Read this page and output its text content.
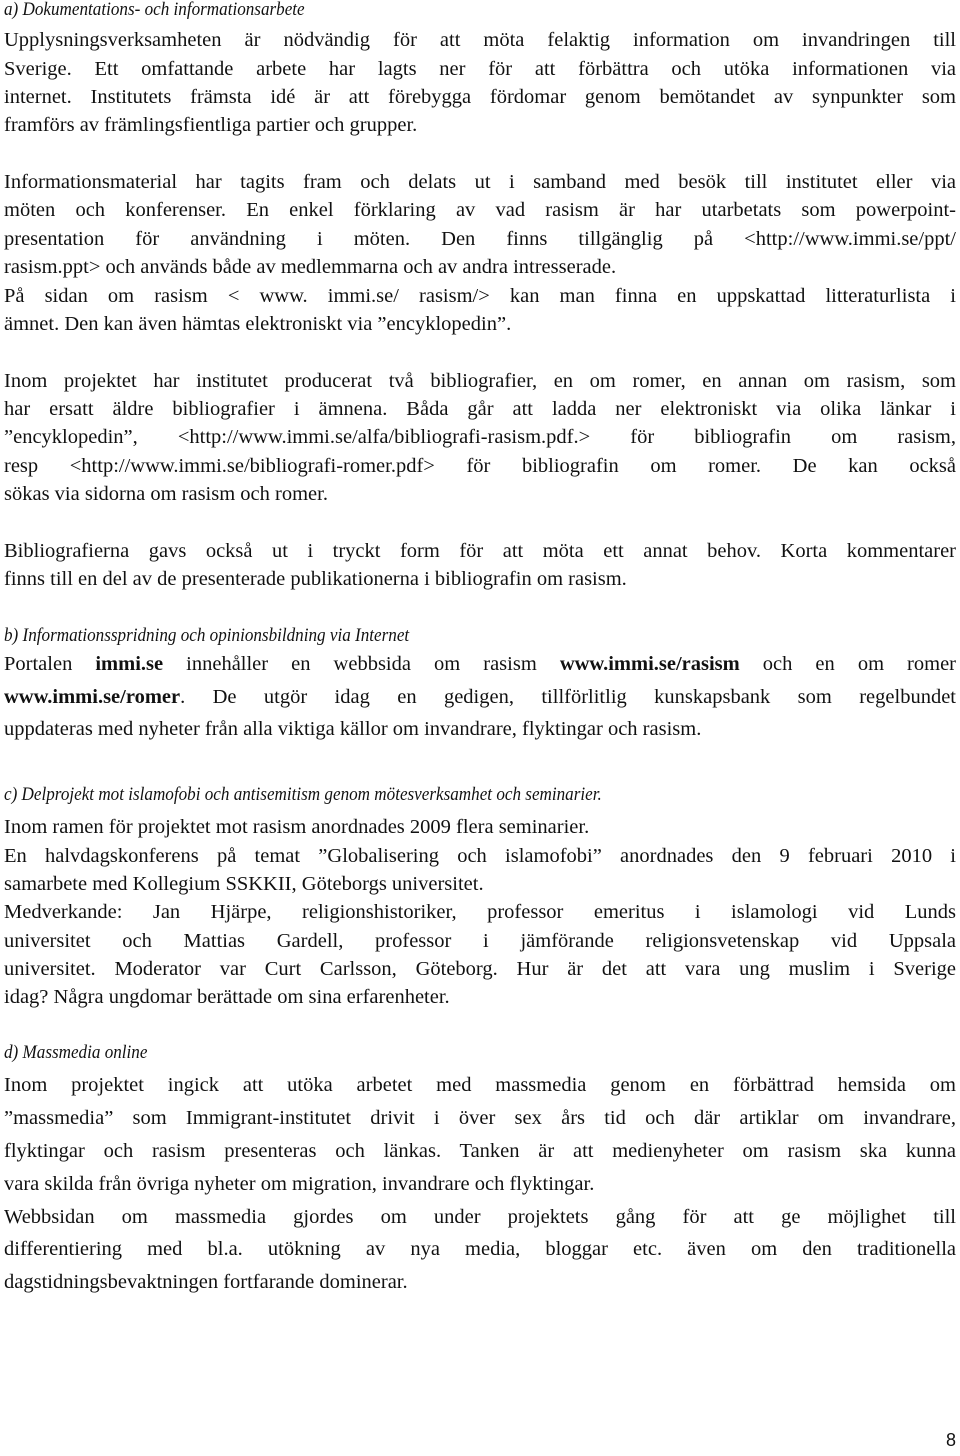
a) Dokumentations- och informationsarbete
Upplysningsverksamheten är nödvändig för att möta felaktig information om invandringen till
Sverige. Ett omfattande arbete har lagts ner för att förbättra och utöka informationen via
internet. Institutets främsta idé är att förebygga fördomar genom bemötandet av synpunkter som
framförs av främlingsfientliga partier och grupper.
Informationsmaterial har tagits fram och delats ut i samband med besök till institutet eller via
möten och konferenser. En enkel förklaring av vad rasism är har utarbetats som powerpoint-
presentation för användning i möten. Den finns tillgänglig på <http://www.immi.se/ppt/
rasism.ppt> och används både av medlemmarna och av andra intresserade.
På sidan om rasism < www. immi.se/ rasism/> kan man finna en uppskattad litteraturlista i
ämnet. Den kan även hämtas elektroniskt via ”encyklopedin”.
Inom projektet har institutet producerat två bibliografier, en om romer, en annan om rasism, som
har ersatt äldre bibliografier i ämnena. Båda går att ladda ner elektroniskt via olika länkar i
”encyklopedin”, <http://www.immi.se/alfa/bibliografi-rasism.pdf.> för bibliografin om rasism,
resp <http://www.immi.se/bibliografi-romer.pdf> för bibliografin om romer. De kan också
sökas via sidorna om rasism och romer.
Bibliografierna gavs också ut i tryckt form för att möta ett annat behov. Korta kommentarer
finns till en del av de presenterade publikationerna i bibliografin om rasism.
b) Informationsspridning och opinionsbildning via Internet
Portalen immi.se innehåller en webbsida om rasism www.immi.se/rasism och en om romer
www.immi.se/romer. De utgör idag en gedigen, tillförlitlig kunskapsbank som regelbundet
uppdateras med nyheter från alla viktiga källor om invandrare, flyktingar och rasism.
c) Delprojekt mot islamofobi och antisemitism genom mötesverksamhet och seminarier.
Inom ramen för projektet mot rasism anordnades 2009 flera seminarier.
En halvdagskonferens på temat ”Globalisering och islamofobi” anordnades den 9 februari 2010 i
samarbete med Kollegium SSKKII, Göteborgs universitet.
Medverkande: Jan Hjärpe, religionshistoriker, professor emeritus i islamologi vid Lunds
universitet och Mattias Gardell, professor i jämförande religionsvetenskap vid Uppsala
universitet. Moderator var Curt Carlsson, Göteborg. Hur är det att vara ung muslim i Sverige
idag? Några ungdomar berättade om sina erfarenheter.
d) Massmedia online
Inom projektet ingick att utöka arbetet med massmedia genom en förbättrad hemsida om
”massmedia” som Immigrant-institutet drivit i över sex års tid och där artiklar om invandrare,
flyktingar och rasism presenteras och länkas. Tanken är att medienyheter om rasism ska kunna
vara skilda från övriga nyheter om migration, invandrare och flyktingar.
Webbsidan om massmedia gjordes om under projektets gång för att ge möjlighet till
differentiering med bl.a. utökning av nya media, bloggar etc. även om den traditionella
dagstidningsbevaktningen fortfarande dominerar.
8
